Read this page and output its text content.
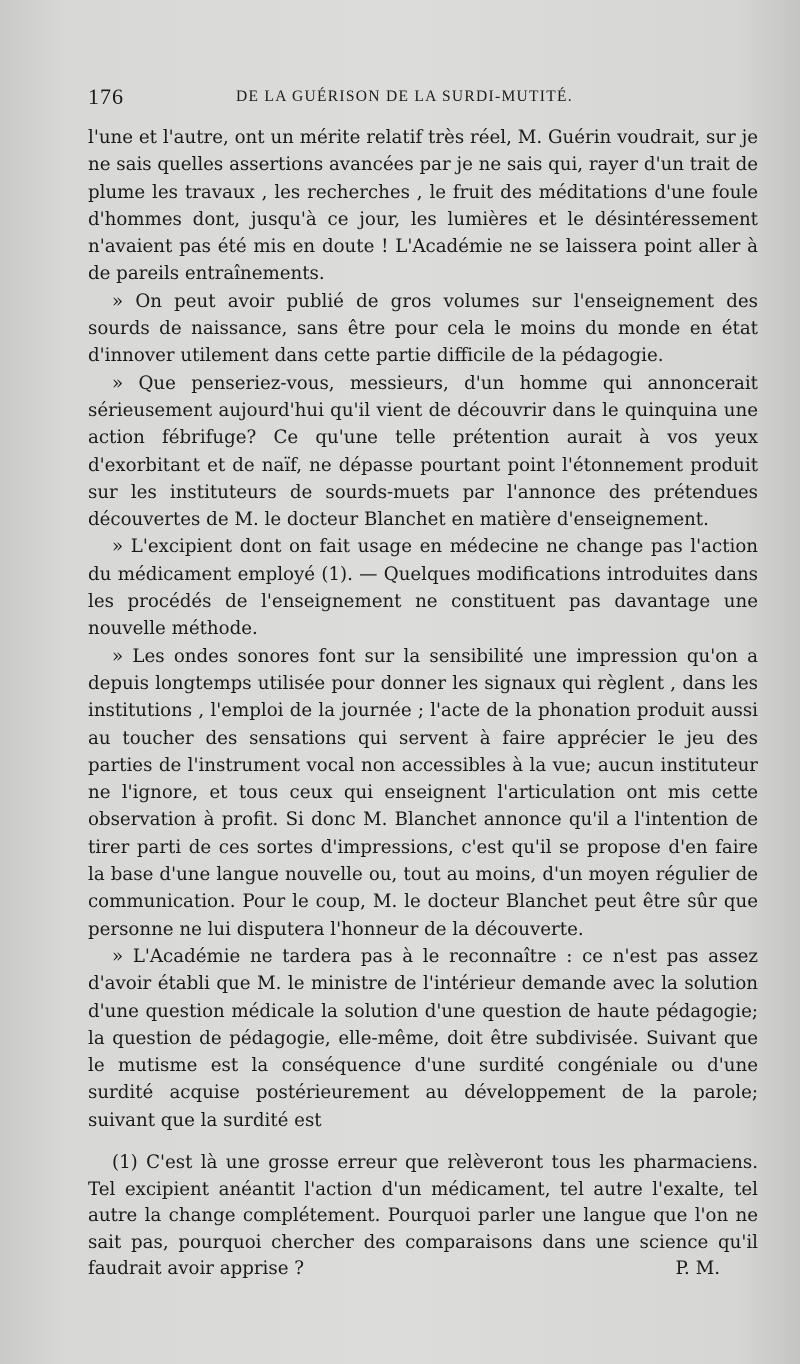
176	DE LA GUÉRISON DE LA SURDI-MUTITÉ.

l'une et l'autre, ont un mérite relatif très réel, M. Guérin voudrait, sur je ne sais quelles assertions avancées par je ne sais qui, rayer d'un trait de plume les travaux , les recherches , le fruit des méditations d'une foule d'hommes dont, jusqu'à ce jour, les lumières et le désintéressement n'avaient pas été mis en doute ! L'Académie ne se laissera point aller à de pareils entraînements.

» On peut avoir publié de gros volumes sur l'enseignement des sourds de naissance, sans être pour cela le moins du monde en état d'innover utilement dans cette partie difficile de la pédagogie.

» Que penseriez-vous, messieurs, d'un homme qui annoncerait sérieusement aujourd'hui qu'il vient de découvrir dans le quinquina une action fébrifuge? Ce qu'une telle prétention aurait à vos yeux d'exorbitant et de naïf, ne dépasse pourtant point l'étonnement produit sur les instituteurs de sourds-muets par l'annonce des prétendues découvertes de M. le docteur Blanchet en matière d'enseignement.

» L'excipient dont on fait usage en médecine ne change pas l'action du médicament employé (1). — Quelques modifications introduites dans les procédés de l'enseignement ne constituent pas davantage une nouvelle méthode.

» Les ondes sonores font sur la sensibilité une impression qu'on a depuis longtemps utilisée pour donner les signaux qui règlent , dans les institutions , l'emploi de la journée ; l'acte de la phonation produit aussi au toucher des sensations qui servent à faire apprécier le jeu des parties de l'instrument vocal non accessibles à la vue; aucun instituteur ne l'ignore, et tous ceux qui enseignent l'articulation ont mis cette observation à profit. Si donc M. Blanchet annonce qu'il a l'intention de tirer parti de ces sortes d'impressions, c'est qu'il se propose d'en faire la base d'une langue nouvelle ou, tout au moins, d'un moyen régulier de communication. Pour le coup, M. le docteur Blanchet peut être sûr que personne ne lui disputera l'honneur de la découverte.

» L'Académie ne tardera pas à le reconnaître : ce n'est pas assez d'avoir établi que M. le ministre de l'intérieur demande avec la solution d'une question médicale la solution d'une question de haute pédagogie; la question de pédagogie, elle-même, doit être subdivisée. Suivant que le mutisme est la conséquence d'une surdité congéniale ou d'une surdité acquise postérieurement au développement de la parole; suivant que la surdité est

(1) C'est là une grosse erreur que relèveront tous les pharmaciens. Tel excipient anéantit l'action d'un médicament, tel autre l'exalte, tel autre la change complétement. Pourquoi parler une langue que l'on ne sait pas, pourquoi chercher des comparaisons dans une science qu'il faudrait avoir apprise ?	P. M.
